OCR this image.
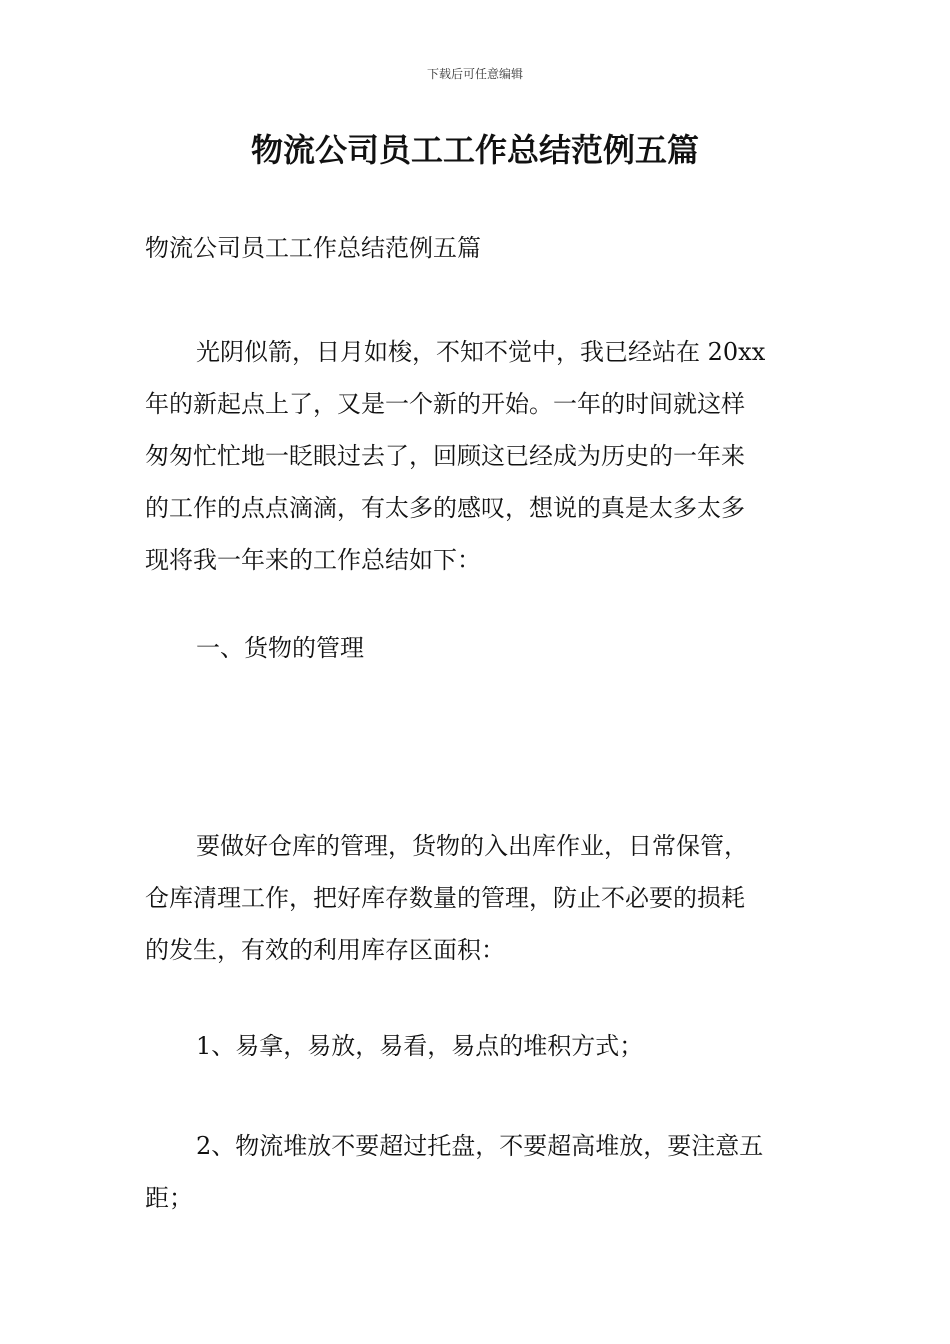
下载后可任意编辑
物流公司员工工作总结范例五篇

物流公司员工工作总结范例五篇

光阴似箭，日月如梭，不知不觉中，我已经站在 20xx
年的新起点上了，又是一个新的开始。一年的时间就这样
匆匆忙忙地一眨眼过去了，回顾这已经成为历史的一年来
的工作的点点滴滴，有太多的感叹，想说的真是太多太多
现将我一年来的工作总结如下：

一、货物的管理

要做好仓库的管理，货物的入出库作业，日常保管，
仓库清理工作，把好库存数量的管理，防止不必要的损耗
的发生，有效的利用库存区面积：

1、易拿，易放，易看，易点的堆积方式；

2、物流堆放不要超过托盘，不要超高堆放，要注意五
距；
